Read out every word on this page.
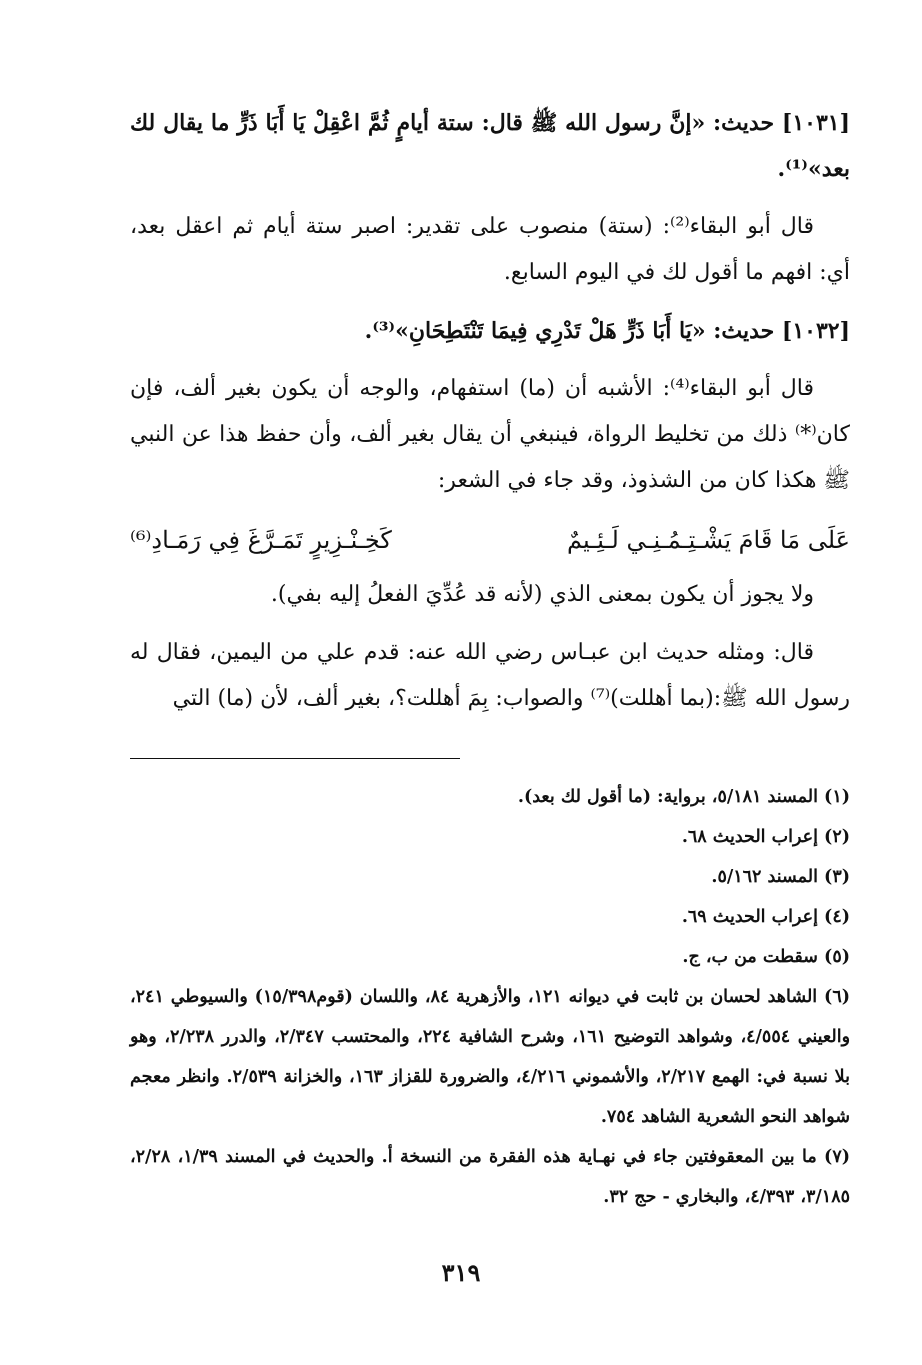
[١٠٣١] حديث: «إنَّ رسول الله ﷺ قال: ستة أيامٍ ثُمَّ اعْقِلْ يَا أَبَا ذَرٍّ ما يقال لك بعد»⁽¹⁾.

قال أبو البقاء⁽²⁾: (ستة) منصوب على تقدير: اصبر ستة أيام ثم اعقل بعد، أي: افهم ما أقول لك في اليوم السابع.

[١٠٣٢] حديث: «يَا أَبَا ذَرٍّ هَلْ تَدْرِي فِيمَا تَنْتَطِحَانِ»⁽³⁾.

قال أبو البقاء⁽⁴⁾: الأشبه أن (ما) استفهام، والوجه أن يكون بغير ألف، فإن كان⁽*⁾ ذلك من تخليط الرواة، فينبغي أن يقال بغير ألف، وأن حفظ هذا عن النبي ﷺ هكذا كان من الشذوذ، وقد جاء في الشعر:

عَلَى مَا قَامَ يَشْـتِـمُـنِـي لَـئِـيمٌ
كَخِـنْـزِيرٍ تَمَـرَّغَ فِي رَمَـادِ⁽⁶⁾

ولا يجوز أن يكون بمعنى الذي (لأنه قد عُدِّيَ الفعلُ إليه بفي).

قال: ومثله حديث ابن عبـاس رضي الله عنه: قدم علي من اليمين، فقال له رسول الله ﷺ:(بما أهللت)⁽⁷⁾ والصواب: بِمَ أهللت؟، بغير ألف، لأن (ما) التي

(١) المسند ٥/١٨١، برواية: (ما أقول لك بعد).

(٢) إعراب الحديث ٦٨.

(٣) المسند ٥/١٦٢.

(٤) إعراب الحديث ٦٩.

(٥) سقطت من ب، ج.

(٦) الشاهد لحسان بن ثابت في ديوانه ١٢١، والأزهرية ٨٤، واللسان (قوم١٥/٣٩٨) والسيوطي ٢٤١، والعيني ٤/٥٥٤، وشواهد التوضيح ١٦١، وشرح الشافية ٢٢٤، والمحتسب ٢/٣٤٧، والدرر ٢/٢٣٨، وهو بلا نسبة في: الهمع ٢/٢١٧، والأشموني ٤/٢١٦، والضرورة للقزاز ١٦٣، والخزانة ٢/٥٣٩. وانظر معجم شواهد النحو الشعرية الشاهد ٧٥٤.

(٧) ما بين المعقوفتين جاء في نهـاية هذه الفقرة من النسخة أ. والحديث في المسند ١/٣٩، ٢/٢٨، ٣/١٨٥، ٤/٣٩٣، والبخاري - حج ٣٢.

٣١٩
